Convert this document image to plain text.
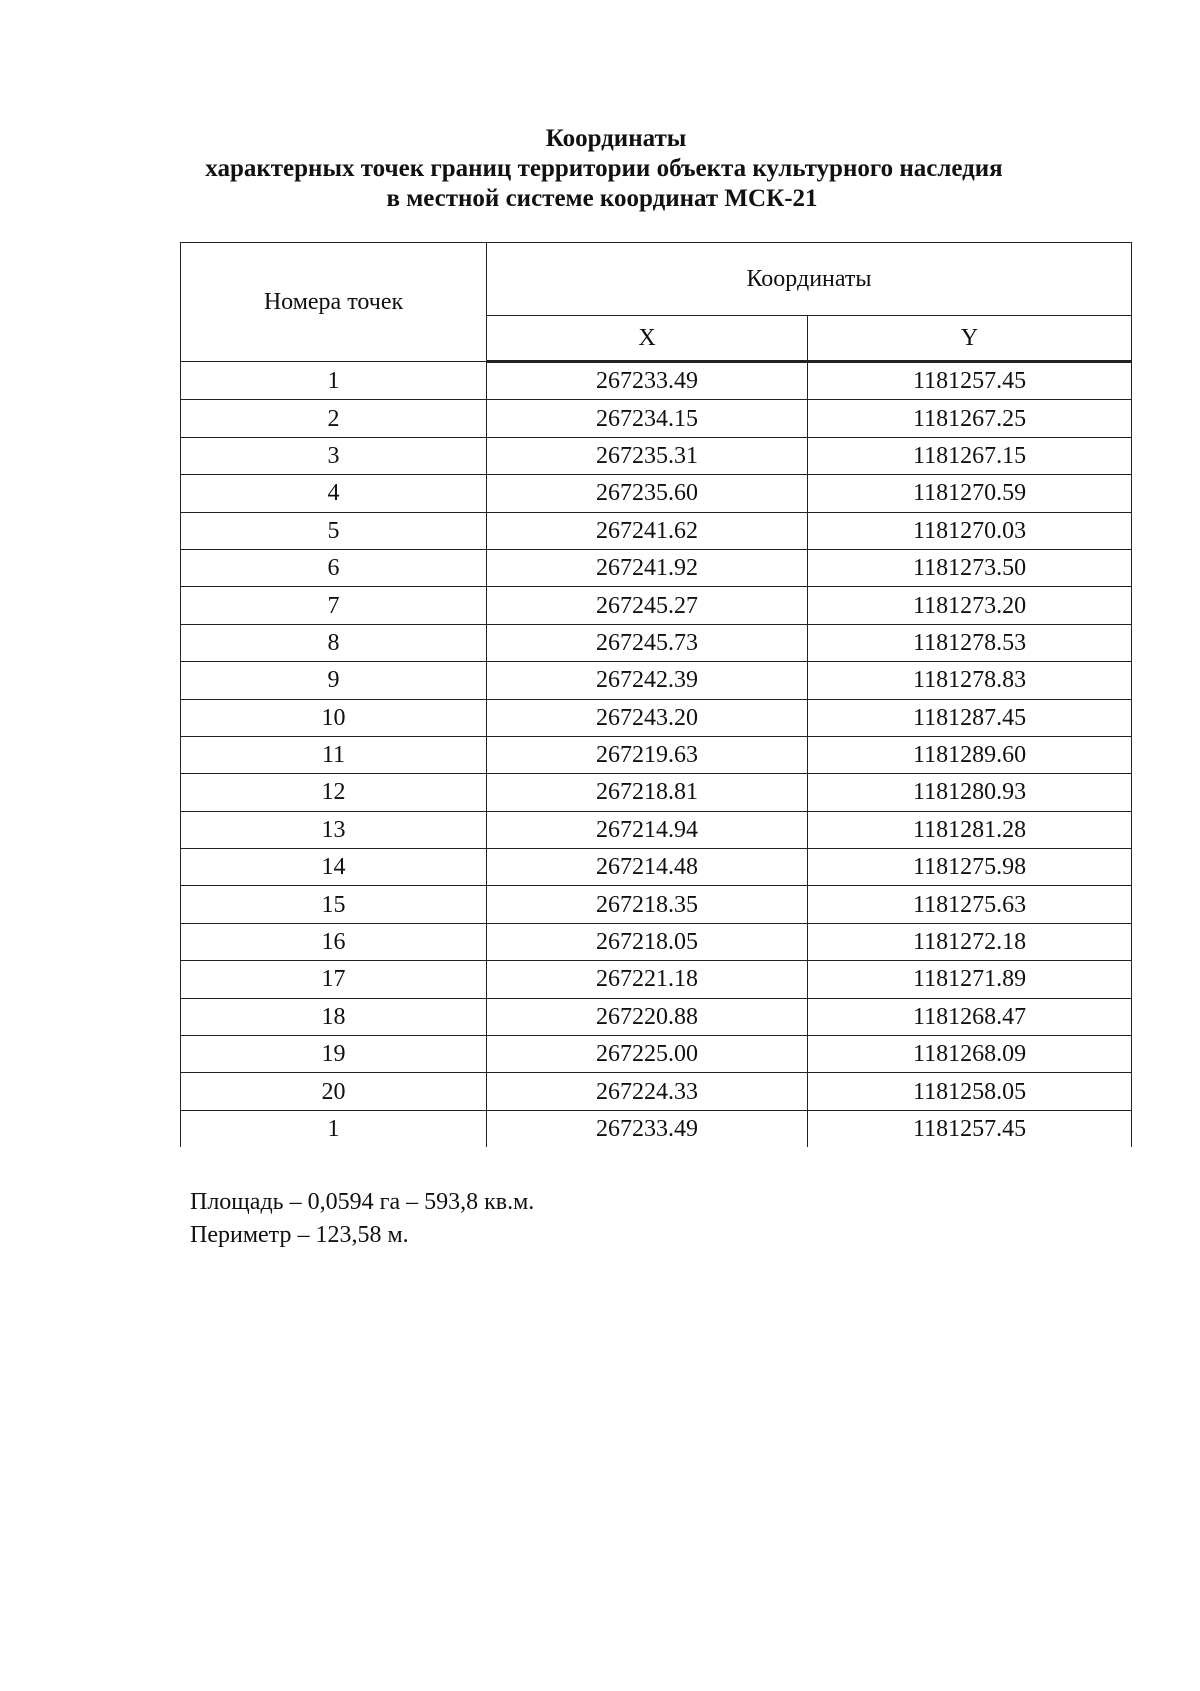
Координаты
характерных точек границ территории объекта культурного наследия
в местной системе координат МСК-21
Номера точек	Координаты	
	X	Y
1	267233.49	1181257.45
2	267234.15	1181267.25
3	267235.31	1181267.15
4	267235.60	1181270.59
5	267241.62	1181270.03
6	267241.92	1181273.50
7	267245.27	1181273.20
8	267245.73	1181278.53
9	267242.39	1181278.83
10	267243.20	1181287.45
11	267219.63	1181289.60
12	267218.81	1181280.93
13	267214.94	1181281.28
14	267214.48	1181275.98
15	267218.35	1181275.63
16	267218.05	1181272.18
17	267221.18	1181271.89
18	267220.88	1181268.47
19	267225.00	1181268.09
20	267224.33	1181258.05
1	267233.49	1181257.45
Площадь – 0,0594 га – 593,8 кв.м.
Периметр – 123,58 м.
